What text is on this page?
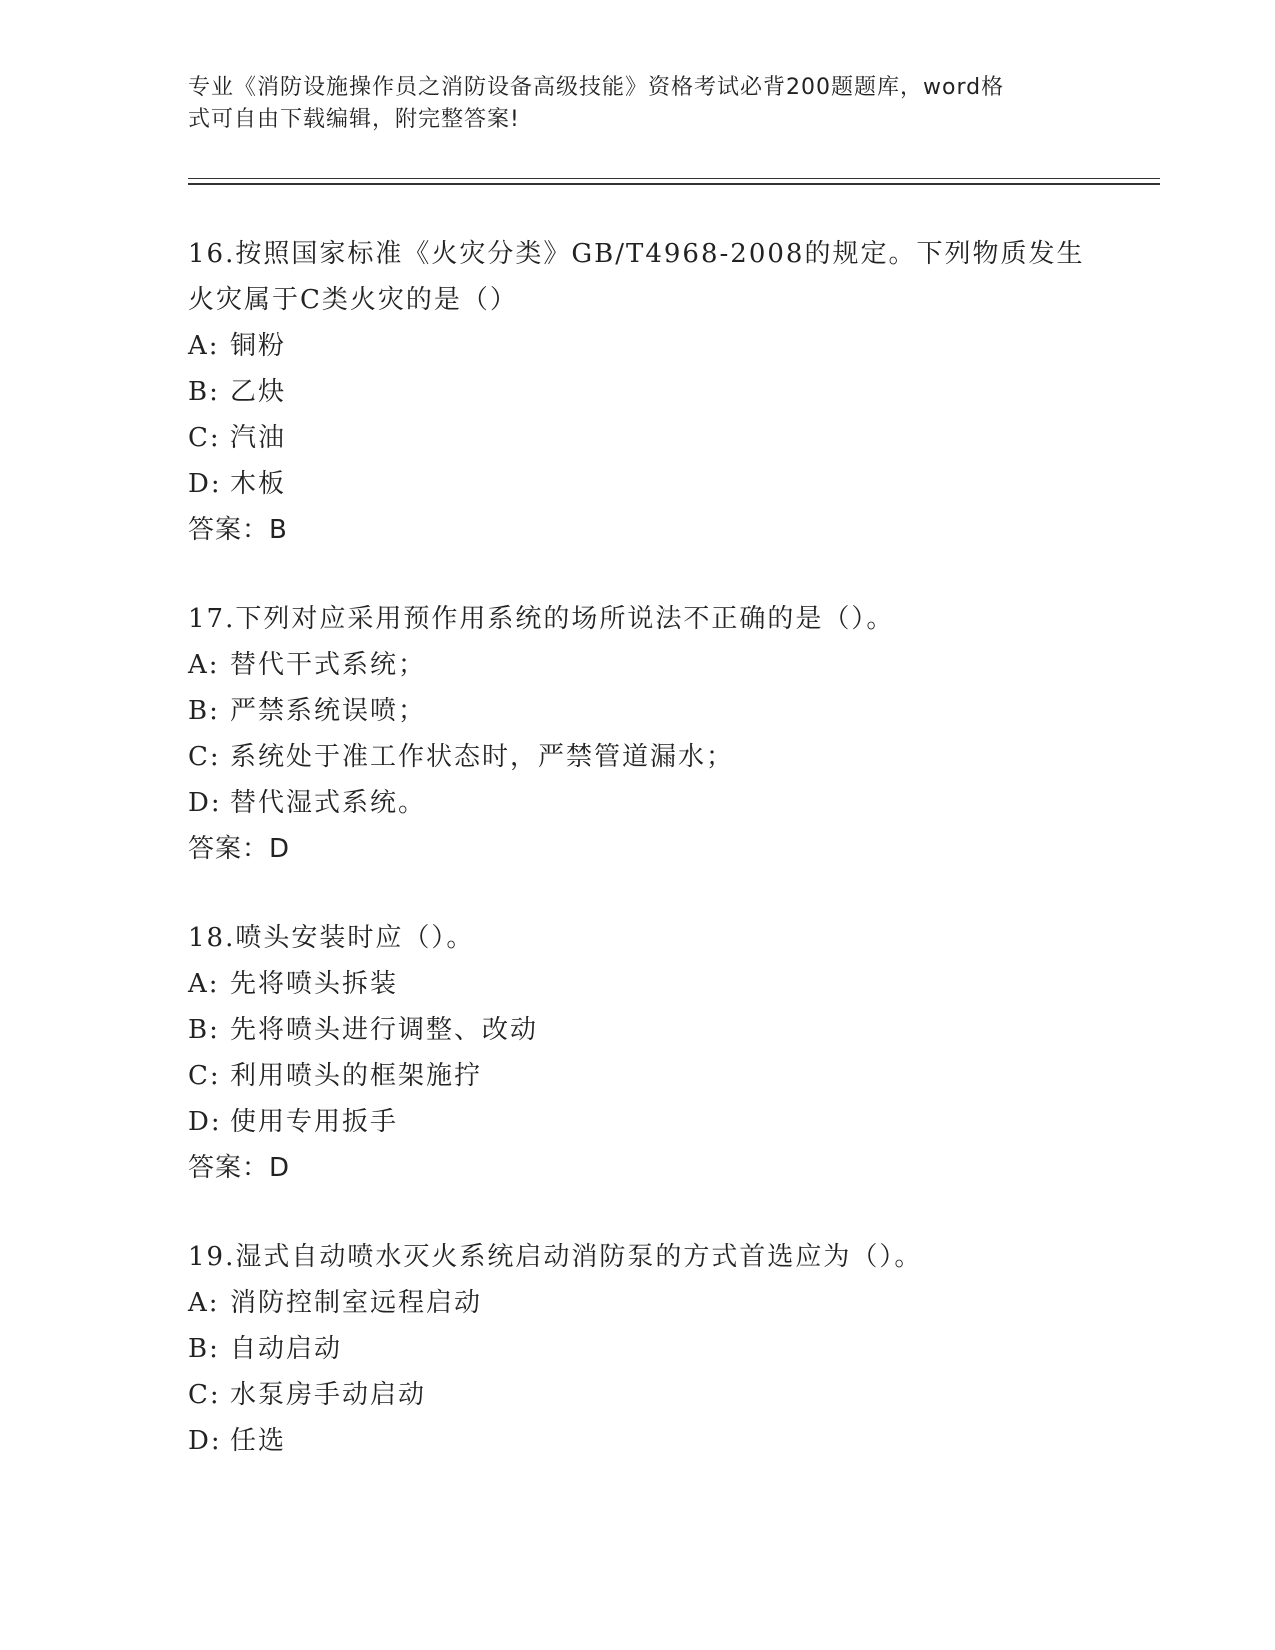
专业《消防设施操作员之消防设备高级技能》资格考试必背200题题库，word格
式可自由下载编辑，附完整答案!

16.按照国家标准《火灾分类》GB/T4968-2008的规定。下列物质发生

火灾属于C类火灾的是（）

A: 铜粉

B: 乙炔

C: 汽油

D: 木板

答案：B

17.下列对应采用预作用系统的场所说法不正确的是（）。

A: 替代干式系统；

B: 严禁系统误喷；

C: 系统处于准工作状态时，严禁管道漏水；

D: 替代湿式系统。

答案：D

18.喷头安装时应（）。

A: 先将喷头拆装

B: 先将喷头进行调整、改动

C: 利用喷头的框架施拧

D: 使用专用扳手

答案：D

19.湿式自动喷水灭火系统启动消防泵的方式首选应为（）。

A: 消防控制室远程启动

B: 自动启动

C: 水泵房手动启动

D: 任选
